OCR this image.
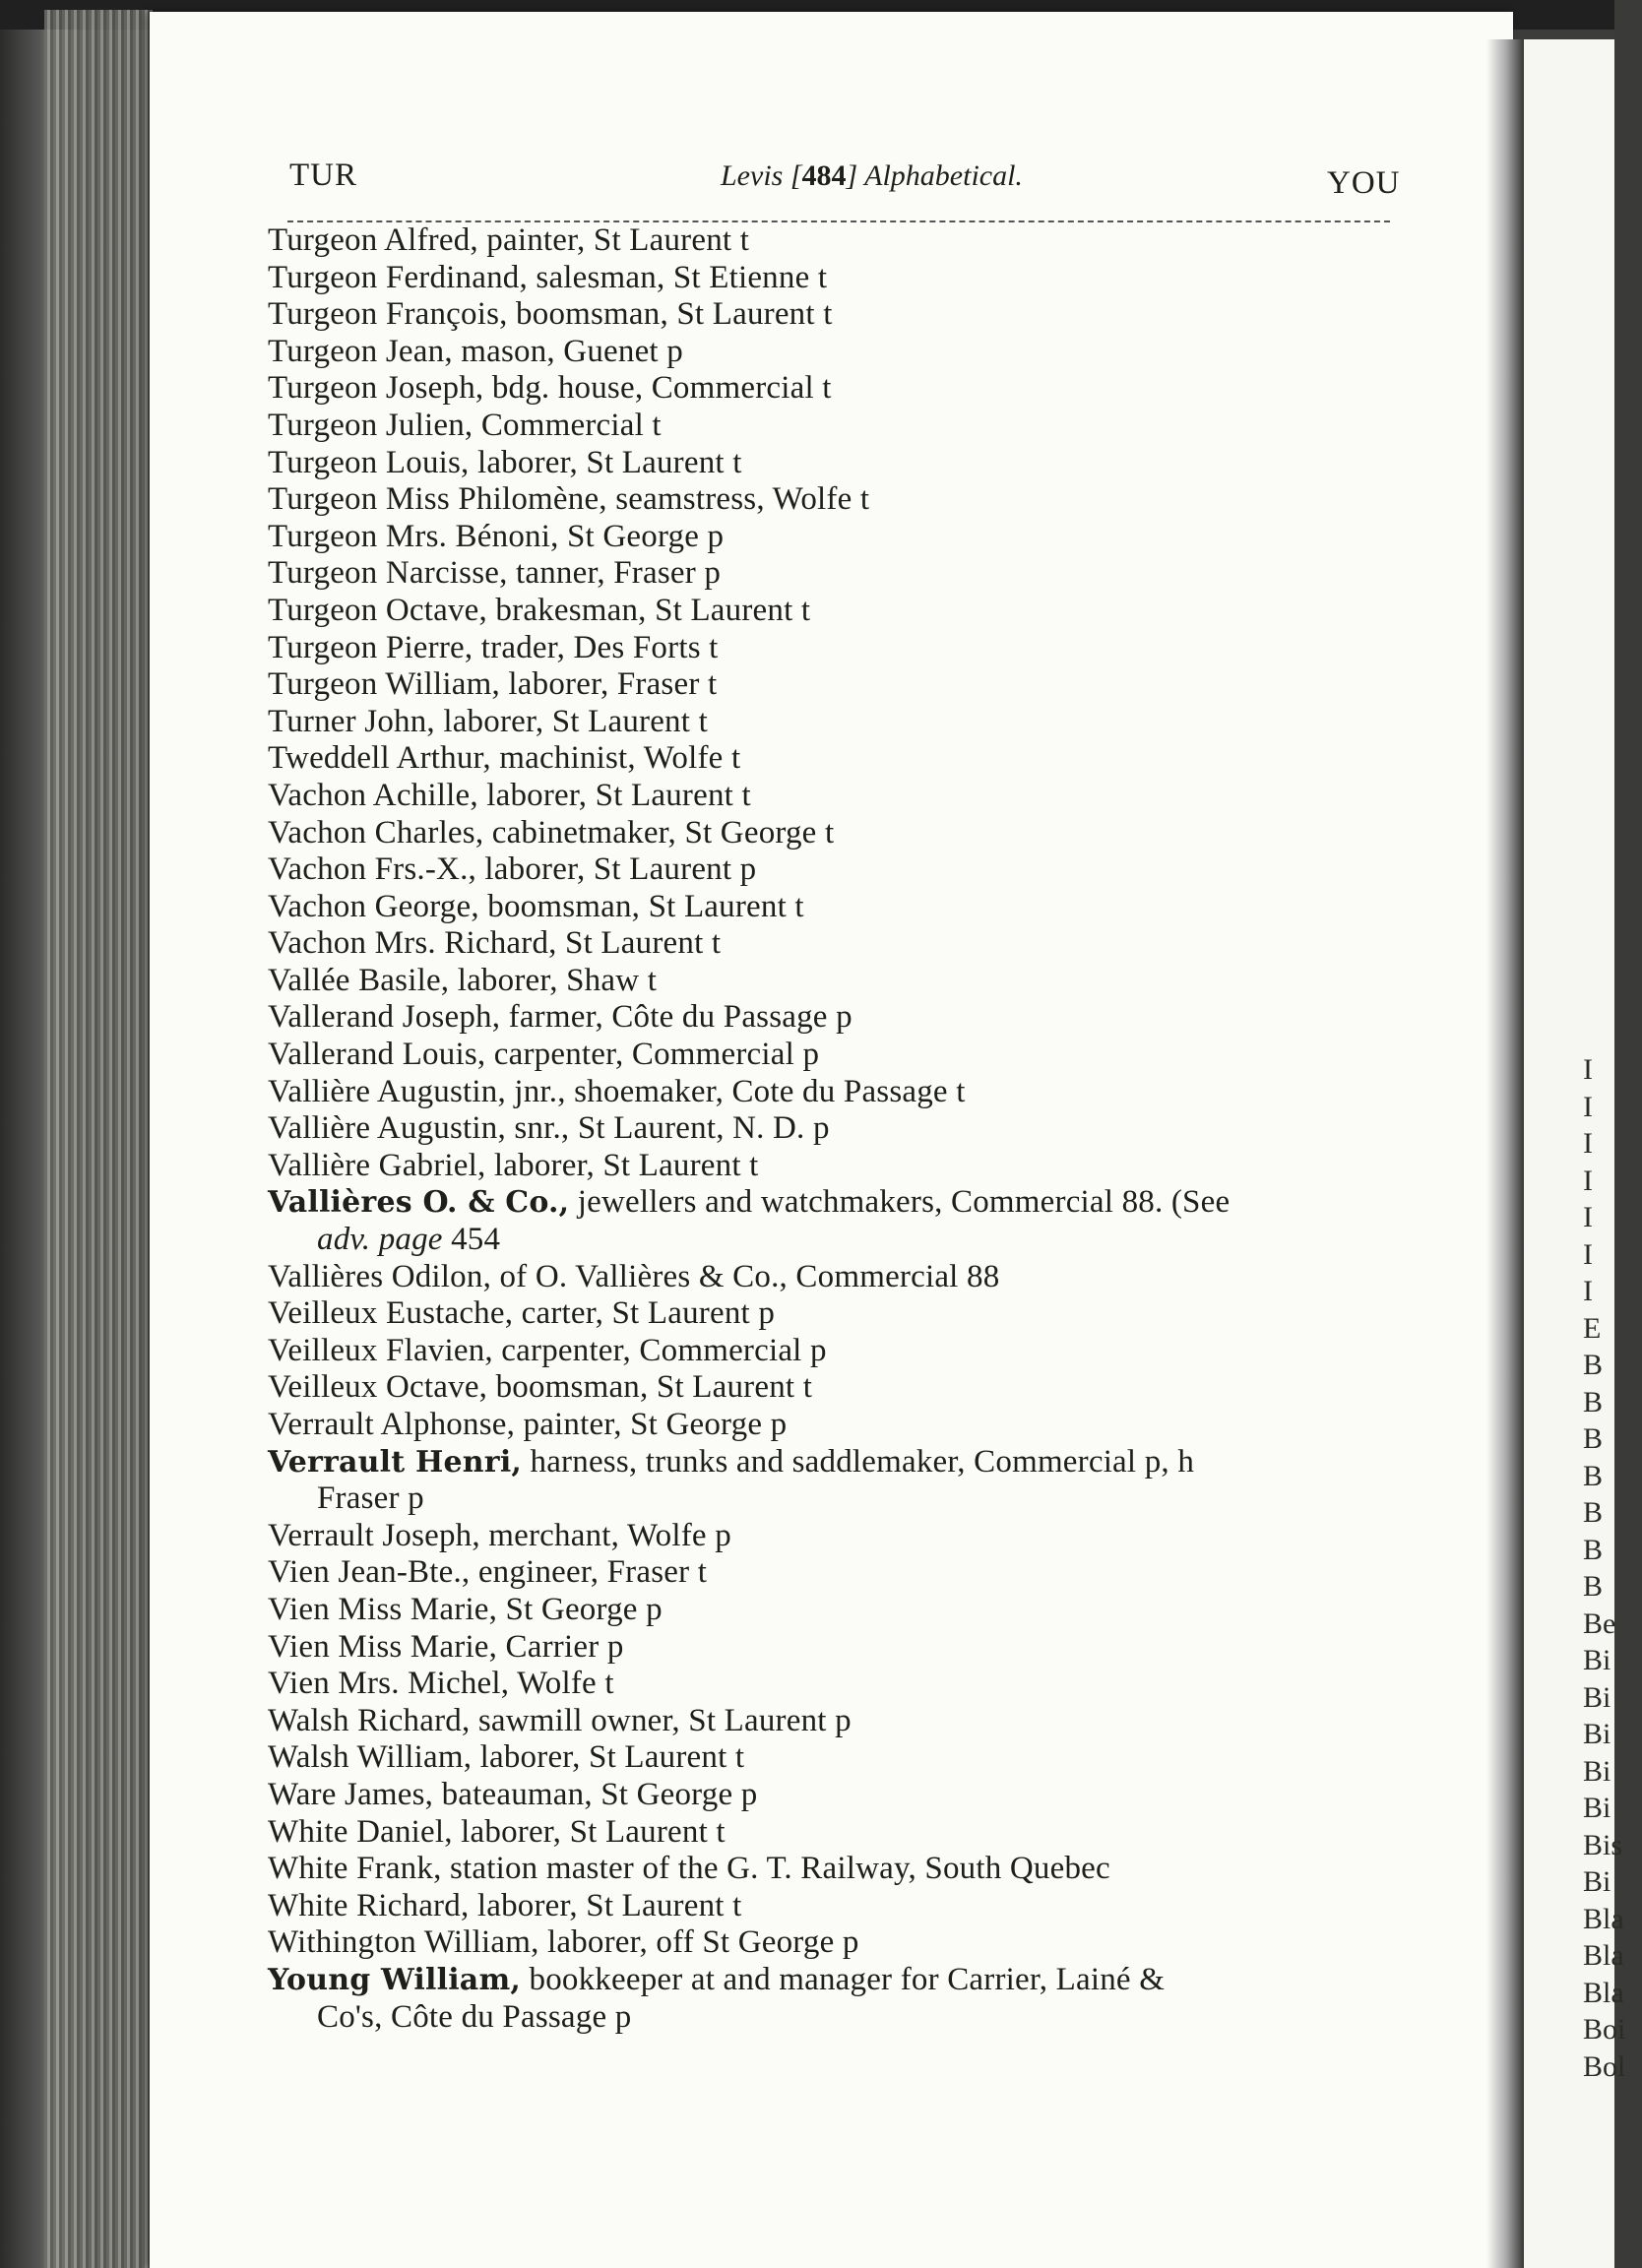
TUR	Levis [484] Alphabetical.	YOU
Turgeon Alfred, painter, St Laurent t
Turgeon Ferdinand, salesman, St Etienne t
Turgeon François, boomsman, St Laurent t
Turgeon Jean, mason, Guenet p
Turgeon Joseph, bdg. house, Commercial t
Turgeon Julien, Commercial t
Turgeon Louis, laborer, St Laurent t
Turgeon Miss Philomène, seamstress, Wolfe t
Turgeon Mrs. Bénoni, St George p
Turgeon Narcisse, tanner, Fraser p
Turgeon Octave, brakesman, St Laurent t
Turgeon Pierre, trader, Des Forts t
Turgeon William, laborer, Fraser t
Turner John, laborer, St Laurent t
Tweddell Arthur, machinist, Wolfe t
Vachon Achille, laborer, St Laurent t
Vachon Charles, cabinetmaker, St George t
Vachon Frs.-X., laborer, St Laurent p
Vachon George, boomsman, St Laurent t
Vachon Mrs. Richard, St Laurent t
Vallée Basile, laborer, Shaw t
Vallerand Joseph, farmer, Côte du Passage p
Vallerand Louis, carpenter, Commercial p
Vallière Augustin, jnr., shoemaker, Cote du Passage t
Vallière Augustin, snr., St Laurent, N. D. p
Vallière Gabriel, laborer, St Laurent t
Vallières O. & Co., jewellers and watchmakers, Commercial 88. (See
adv. page 454
Vallières Odilon, of O. Vallières & Co., Commercial 88
Veilleux Eustache, carter, St Laurent p
Veilleux Flavien, carpenter, Commercial p
Veilleux Octave, boomsman, St Laurent t
Verrault Alphonse, painter, St George p
Verrault Henri, harness, trunks and saddlemaker, Commercial p, h
Fraser p
Verrault Joseph, merchant, Wolfe p
Vien Jean-Bte., engineer, Fraser t
Vien Miss Marie, St George p
Vien Miss Marie, Carrier p
Vien Mrs. Michel, Wolfe t
Walsh Richard, sawmill owner, St Laurent p
Walsh William, laborer, St Laurent t
Ware James, bateauman, St George p
White Daniel, laborer, St Laurent t
White Frank, station master of the G. T. Railway, South Quebec
White Richard, laborer, St Laurent t
Withington William, laborer, off St George p
Young William, bookkeeper at and manager for Carrier, Lainé &
Co's, Côte du Passage p
I
I
I
I
I
I
I
E
B
B
B
B
B
B
B
Be
Bi
Bi
Bi
Bi
Bi
Bis
Bi
Bla
Bla
Bla
Boi
Bol
